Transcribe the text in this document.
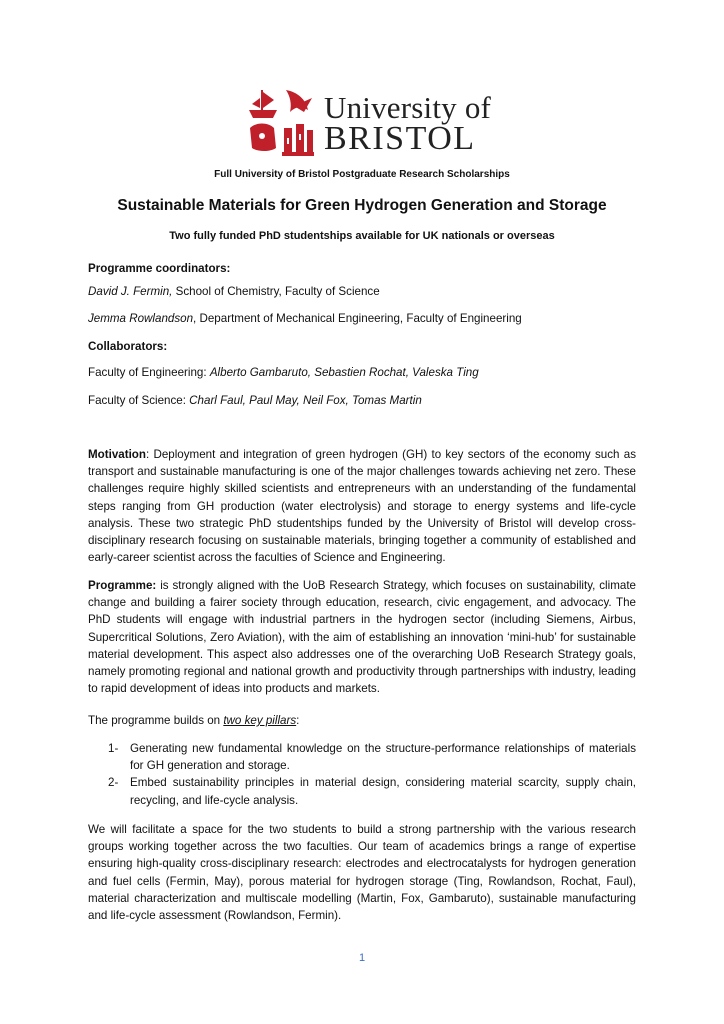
University of
BRISTOL
Full University of Bristol Postgraduate Research Scholarships
Sustainable Materials for Green Hydrogen Generation and Storage
Two fully funded PhD studentships available for UK nationals or overseas
Programme coordinators:
David J. Fermin, School of Chemistry, Faculty of Science
Jemma Rowlandson, Department of Mechanical Engineering, Faculty of Engineering
Collaborators:
Faculty of Engineering: Alberto Gambaruto, Sebastien Rochat, Valeska Ting
Faculty of Science: Charl Faul, Paul May, Neil Fox, Tomas Martin
Motivation: Deployment and integration of green hydrogen (GH) to key sectors of the economy such as transport and sustainable manufacturing is one of the major challenges towards achieving net zero. These challenges require highly skilled scientists and entrepreneurs with an understanding of the fundamental steps ranging from GH production (water electrolysis) and storage to energy systems and life-cycle analysis. These two strategic PhD studentships funded by the University of Bristol will develop cross-disciplinary research focusing on sustainable materials, bringing together a community of established and early-career scientist across the faculties of Science and Engineering.
Programme: is strongly aligned with the UoB Research Strategy, which focuses on sustainability, climate change and building a fairer society through education, research, civic engagement, and advocacy. The PhD students will engage with industrial partners in the hydrogen sector (including Siemens, Airbus, Supercritical Solutions, Zero Aviation), with the aim of establishing an innovation ‘mini-hub’ for sustainable material development. This aspect also addresses one of the overarching UoB Research Strategy goals, namely promoting regional and national growth and productivity through partnerships with industry, leading to rapid development of ideas into products and markets.
The programme builds on two key pillars:
1- Generating new fundamental knowledge on the structure-performance relationships of materials for GH generation and storage.
2- Embed sustainability principles in material design, considering material scarcity, supply chain, recycling, and life-cycle analysis.
We will facilitate a space for the two students to build a strong partnership with the various research groups working together across the two faculties. Our team of academics brings a range of expertise ensuring high-quality cross-disciplinary research: electrodes and electrocatalysts for hydrogen generation and fuel cells (Fermin, May), porous material for hydrogen storage (Ting, Rowlandson, Rochat, Faul), material characterization and multiscale modelling (Martin, Fox, Gambaruto), sustainable manufacturing and life-cycle assessment (Rowlandson, Fermin).
1
